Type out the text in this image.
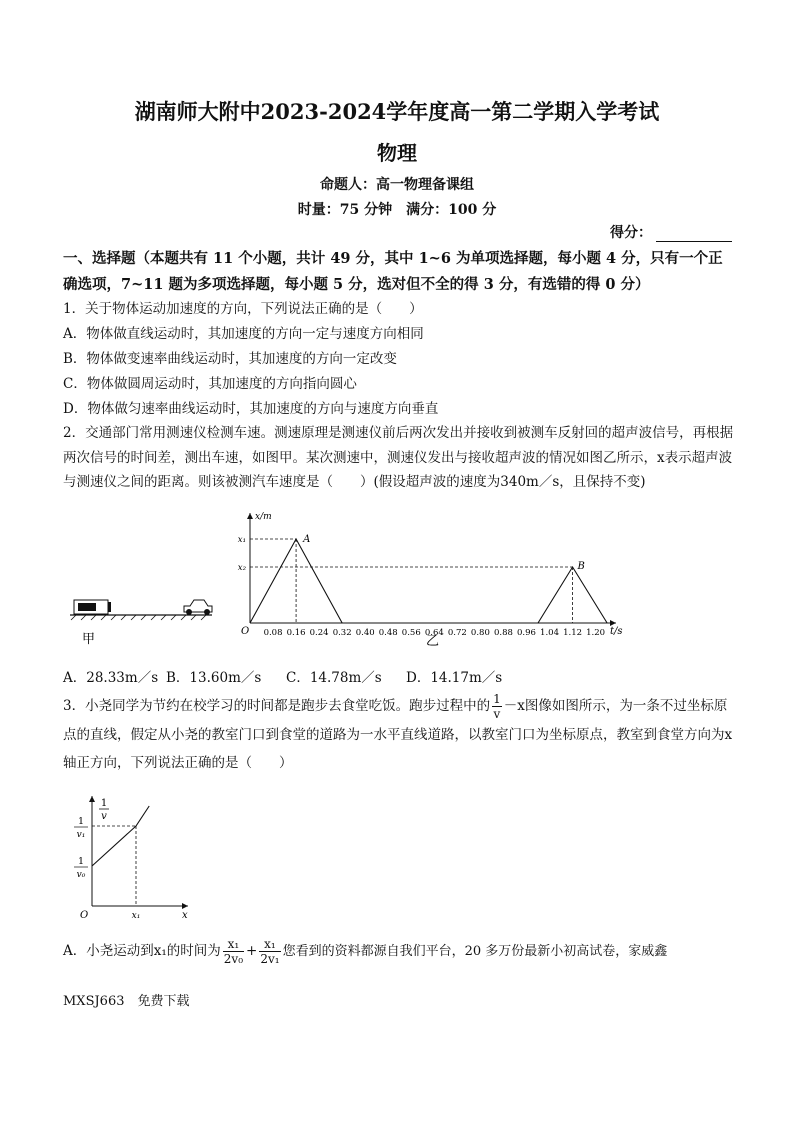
湖南师大附中2023-2024学年度高一第二学期入学考试
物理
命题人：高一物理备课组
时量：75 分钟　满分：100 分
得分：
一、选择题（本题共有 11 个小题，共计 49 分，其中 1~6 为单项选择题，每小题 4 分，只有一个正确选项，7~11 题为多项选择题，每小题 5 分，选对但不全的得 3 分，有选错的得 0 分）
1．关于物体运动加速度的方向，下列说法正确的是（　　）
A．物体做直线运动时，其加速度的方向一定与速度方向相同
B．物体做变速率曲线运动时，其加速度的方向一定改变
C．物体做圆周运动时，其加速度的方向指向圆心
D．物体做匀速率曲线运动时，其加速度的方向与速度方向垂直
2．交通部门常用测速仪检测车速。测速原理是测速仪前后两次发出并接收到被测车反射回的超声波信号，再根据两次信号的时间差，测出车速，如图甲。某次测速中，测速仪发出与接收超声波的情况如图乙所示，x表示超声波与测速仪之间的距离。则该被测汽车速度是（　　）(假设超声波的速度为340m／s，且保持不变)
甲
x/m
t/s
O 0.08 0.16 0.24 0.32 0.40 0.48 0.56 0.64 0.72 0.80 0.88 0.96 1.04 1.12 1.20
x₁
x₂
A
B
乙
A．28.33m／s B．13.60m／s C．14.78m／s D．14.17m／s
3．小尧同学为节约在校学习的时间都是跑步去食堂吃饭。跑步过程中的 $\frac{1}{v} -x$图像如图所示，为一条不过坐标原点的直线，假定从小尧的教室门口到食堂的道路为一水平直线道路，以教室门口为坐标原点，教室到食堂方向为x轴正方向，下列说法正确的是（　　）
1
v
x
O	x₁
1
v₀
1
v₁
A．小尧运动到x₁的时间为 $\frac{\text{x₁}}{\text{2v₀}} + \frac{\text{x₁}}{\text{2v₁}}$ 您看到的资料都源自我们平台，20 多万份最新小初高试卷，家威鑫
MXSJ663　免费下载
